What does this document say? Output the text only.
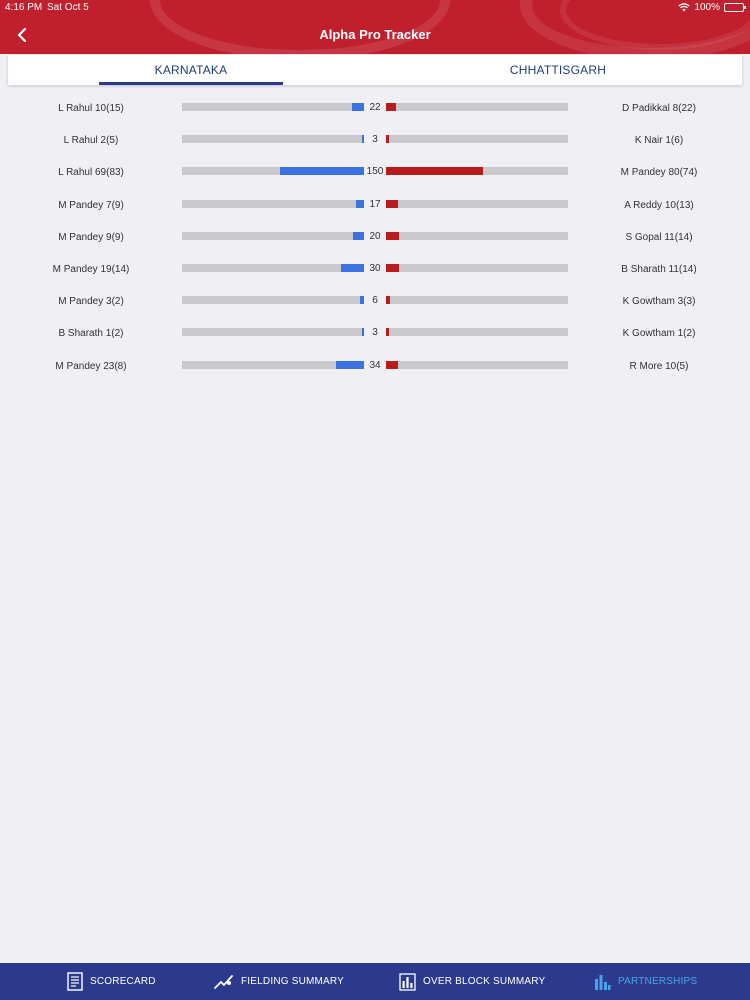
4:16 PM Sat Oct 5	100%
Alpha Pro Tracker
KARNATAKA	CHHATTISGARH
L Rahul 10(15)	22	D Padikkal 8(22)
L Rahul 2(5)	3	K Nair 1(6)
L Rahul 69(83)	150	M Pandey 80(74)
M Pandey 7(9)	17	A Reddy 10(13)
M Pandey 9(9)	20	S Gopal 11(14)
M Pandey 19(14)	30	B Sharath 11(14)
M Pandey 3(2)	6	K Gowtham 3(3)
B Sharath 1(2)	3	K Gowtham 1(2)
M Pandey 23(8)	34	R More 10(5)
SCORECARD	FIELDING SUMMARY	OVER BLOCK SUMMARY	PARTNERSHIPS
